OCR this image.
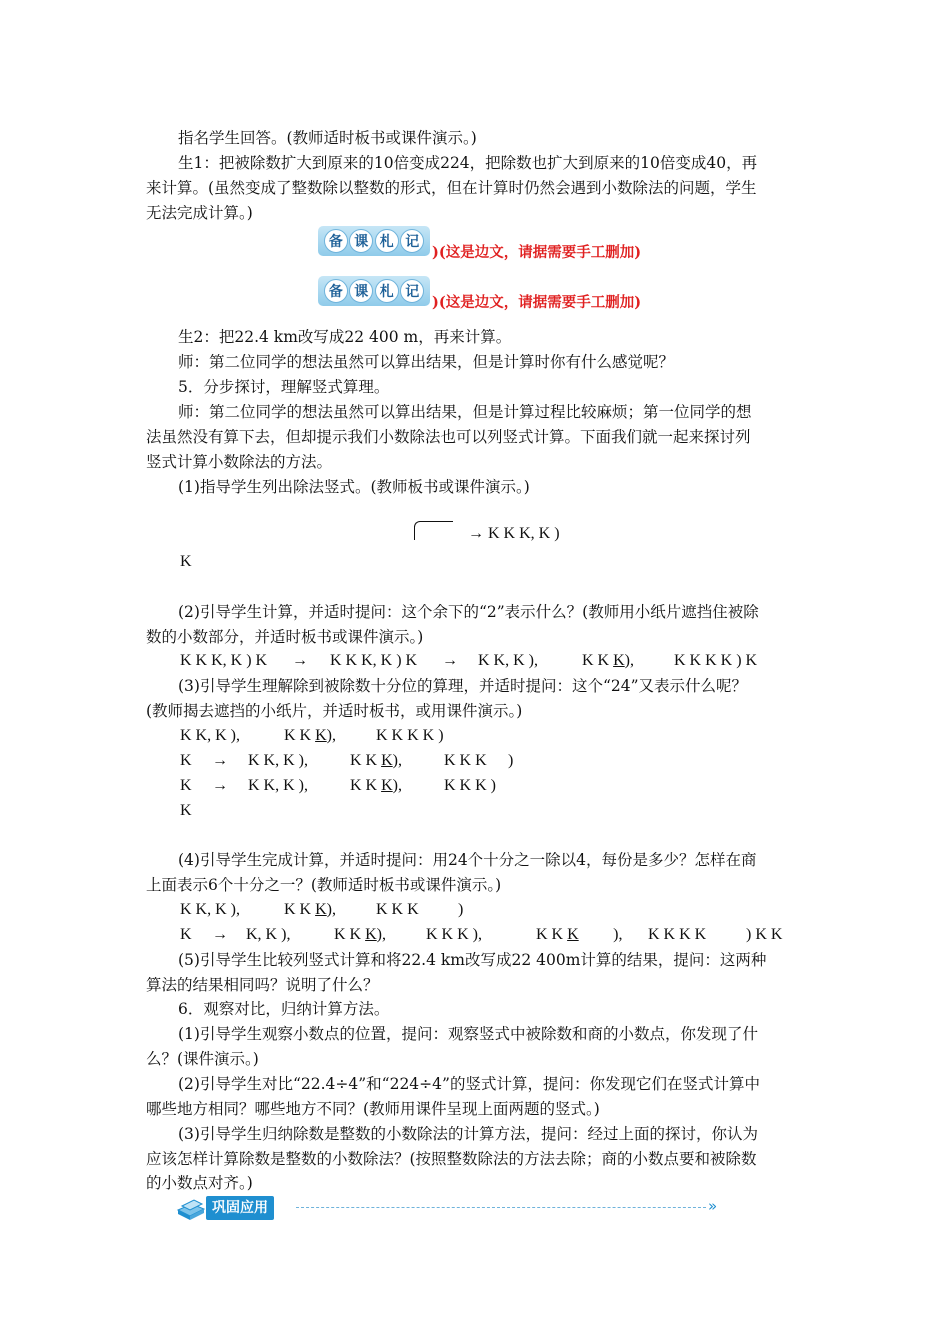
指名学生回答。(教师适时板书或课件演示。)
生1：把被除数扩大到原来的10倍变成224，把除数也扩大到原来的10倍变成40，再
来计算。(虽然变成了整数除以整数的形式，但在计算时仍然会遇到小数除法的问题，学生
无法完成计算。)
备 课 札 记
)(这是边文，请据需要手工删加)
备 课 札 记
)(这是边文，请据需要手工删加)
生2：把22.4 km改写成22 400 m，再来计算。
师：第二位同学的想法虽然可以算出结果，但是计算时你有什么感觉呢？
5．分步探讨，理解竖式算理。
师：第二位同学的想法虽然可以算出结果，但是计算过程比较麻烦；第一位同学的想
法虽然没有算下去，但却提示我们小数除法也可以列竖式计算。下面我们就一起来探讨列
竖式计算小数除法的方法。
(1)指导学生列出除法竖式。(教师板书或课件演示。)
→ K K K, K )
K
(2)引导学生计算，并适时提问：这个余下的“2”表示什么？(教师用小纸片遮挡住被除
数的小数部分，并适时板书或课件演示。)
K K K, K ) K → K K K, K ) K → K K, K ),	K K K),	K K K K ) K
(3)引导学生理解除到被除数十分位的算理，并适时提问：这个“24”又表示什么呢？
(教师揭去遮挡的小纸片，并适时板书，或用课件演示。)
K K, K ),	K K K),	K K K K )
K → K K, K ),	K K K),	K K K )
K → K K, K ),	K K K),	K K K )
K
(4)引导学生完成计算，并适时提问：用24个十分之一除以4，每份是多少？怎样在商
上面表示6个十分之一？(教师适时板书或课件演示。)
K K, K ),	K K K),	K K K )
K → K, K ),	K K K),	K K K ),	K K K ), K K K K ) K K
(5)引导学生比较列竖式计算和将22.4 km改写成22 400m计算的结果，提问：这两种
算法的结果相同吗？说明了什么？
6．观察对比，归纳计算方法。
(1)引导学生观察小数点的位置，提问：观察竖式中被除数和商的小数点，你发现了什
么？(课件演示。)
(2)引导学生对比“22.4÷4”和“224÷4”的竖式计算，提问：你发现它们在竖式计算中
哪些地方相同？哪些地方不同？(教师用课件呈现上面两题的竖式。)
(3)引导学生归纳除数是整数的小数除法的计算方法，提问：经过上面的探讨，你认为
应该怎样计算除数是整数的小数除法？(按照整数除法的方法去除；商的小数点要和被除数
的小数点对齐。)
巩固应用	»
